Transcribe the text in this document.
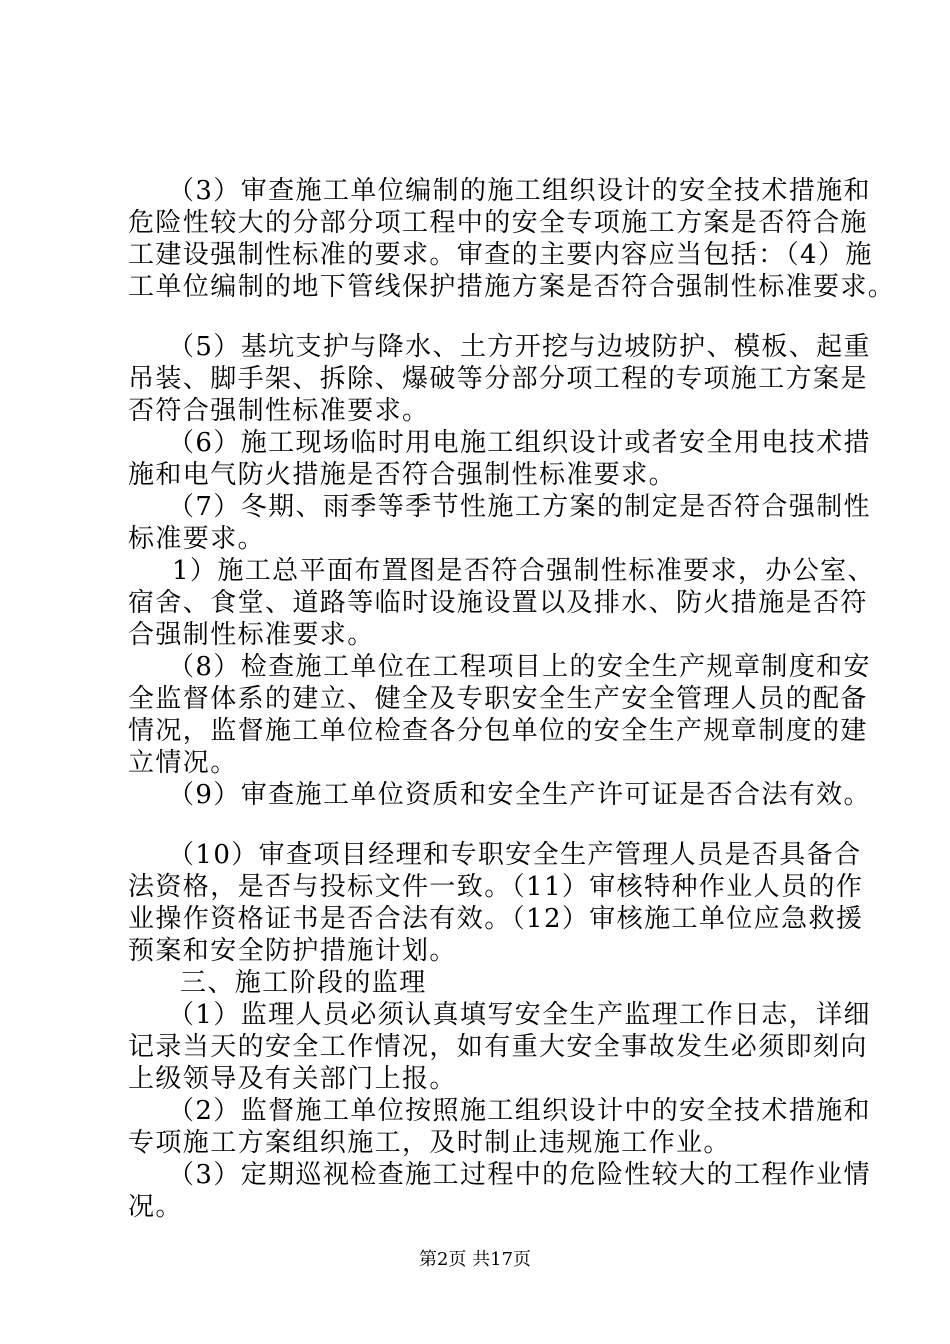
（3）审查施工单位编制的施工组织设计的安全技术措施和
危险性较大的分部分项工程中的安全专项施工方案是否符合施
工建设强制性标准的要求。审查的主要内容应当包括：（4）施
工单位编制的地下管线保护措施方案是否符合强制性标准要求。
（5）基坑支护与降水、土方开挖与边坡防护、模板、起重
吊装、脚手架、拆除、爆破等分部分项工程的专项施工方案是
否符合强制性标准要求。
（6）施工现场临时用电施工组织设计或者安全用电技术措
施和电气防火措施是否符合强制性标准要求。
（7）冬期、雨季等季节性施工方案的制定是否符合强制性
标准要求。
1）施工总平面布置图是否符合强制性标准要求，办公室、
宿舍、食堂、道路等临时设施设置以及排水、防火措施是否符
合强制性标准要求。
（8）检查施工单位在工程项目上的安全生产规章制度和安
全监督体系的建立、健全及专职安全生产安全管理人员的配备
情况，监督施工单位检查各分包单位的安全生产规章制度的建
立情况。
（9）审查施工单位资质和安全生产许可证是否合法有效。
（10）审查项目经理和专职安全生产管理人员是否具备合
法资格，是否与投标文件一致。（11）审核特种作业人员的作
业操作资格证书是否合法有效。（12）审核施工单位应急救援
预案和安全防护措施计划。
三、施工阶段的监理
（1）监理人员必须认真填写安全生产监理工作日志，详细
记录当天的安全工作情况，如有重大安全事故发生必须即刻向
上级领导及有关部门上报。
（2）监督施工单位按照施工组织设计中的安全技术措施和
专项施工方案组织施工，及时制止违规施工作业。
（3）定期巡视检查施工过程中的危险性较大的工程作业情
况。
第2页 共17页
